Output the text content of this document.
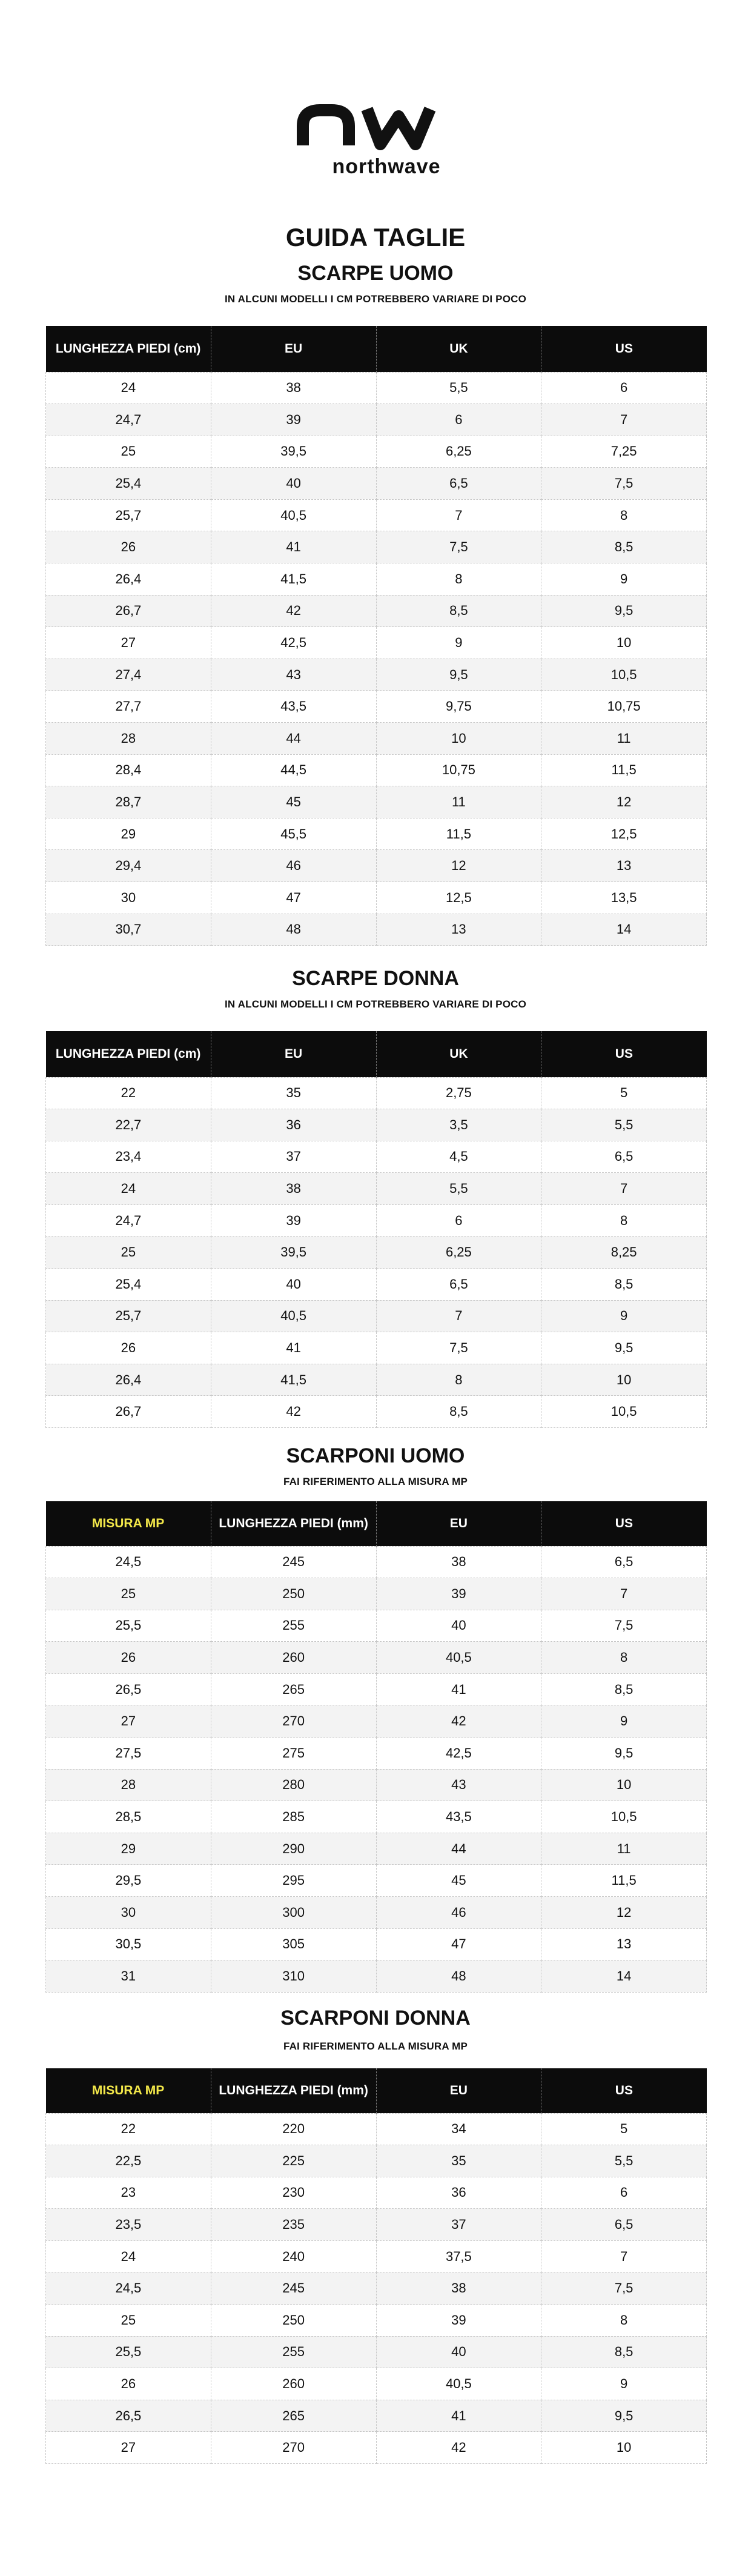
northwave
GUIDA TAGLIE
SCARPE UOMO
IN ALCUNI MODELLI I CM POTREBBERO VARIARE DI POCO
LUNGHEZZA PIEDI (cm)	EU	UK	US
24	38	5,5	6
24,7	39	6	7
25	39,5	6,25	7,25
25,4	40	6,5	7,5
25,7	40,5	7	8
26	41	7,5	8,5
26,4	41,5	8	9
26,7	42	8,5	9,5
27	42,5	9	10
27,4	43	9,5	10,5
27,7	43,5	9,75	10,75
28	44	10	11
28,4	44,5	10,75	11,5
28,7	45	11	12
29	45,5	11,5	12,5
29,4	46	12	13
30	47	12,5	13,5
30,7	48	13	14
SCARPE DONNA
IN ALCUNI MODELLI I CM POTREBBERO VARIARE DI POCO
LUNGHEZZA PIEDI (cm)	EU	UK	US
22	35	2,75	5
22,7	36	3,5	5,5
23,4	37	4,5	6,5
24	38	5,5	7
24,7	39	6	8
25	39,5	6,25	8,25
25,4	40	6,5	8,5
25,7	40,5	7	9
26	41	7,5	9,5
26,4	41,5	8	10
26,7	42	8,5	10,5
SCARPONI UOMO
FAI RIFERIMENTO ALLA MISURA MP
MISURA MP	LUNGHEZZA PIEDI (mm)	EU	US
24,5	245	38	6,5
25	250	39	7
25,5	255	40	7,5
26	260	40,5	8
26,5	265	41	8,5
27	270	42	9
27,5	275	42,5	9,5
28	280	43	10
28,5	285	43,5	10,5
29	290	44	11
29,5	295	45	11,5
30	300	46	12
30,5	305	47	13
31	310	48	14
SCARPONI DONNA
FAI RIFERIMENTO ALLA MISURA MP
MISURA MP	LUNGHEZZA PIEDI (mm)	EU	US
22	220	34	5
22,5	225	35	5,5
23	230	36	6
23,5	235	37	6,5
24	240	37,5	7
24,5	245	38	7,5
25	250	39	8
25,5	255	40	8,5
26	260	40,5	9
26,5	265	41	9,5
27	270	42	10
